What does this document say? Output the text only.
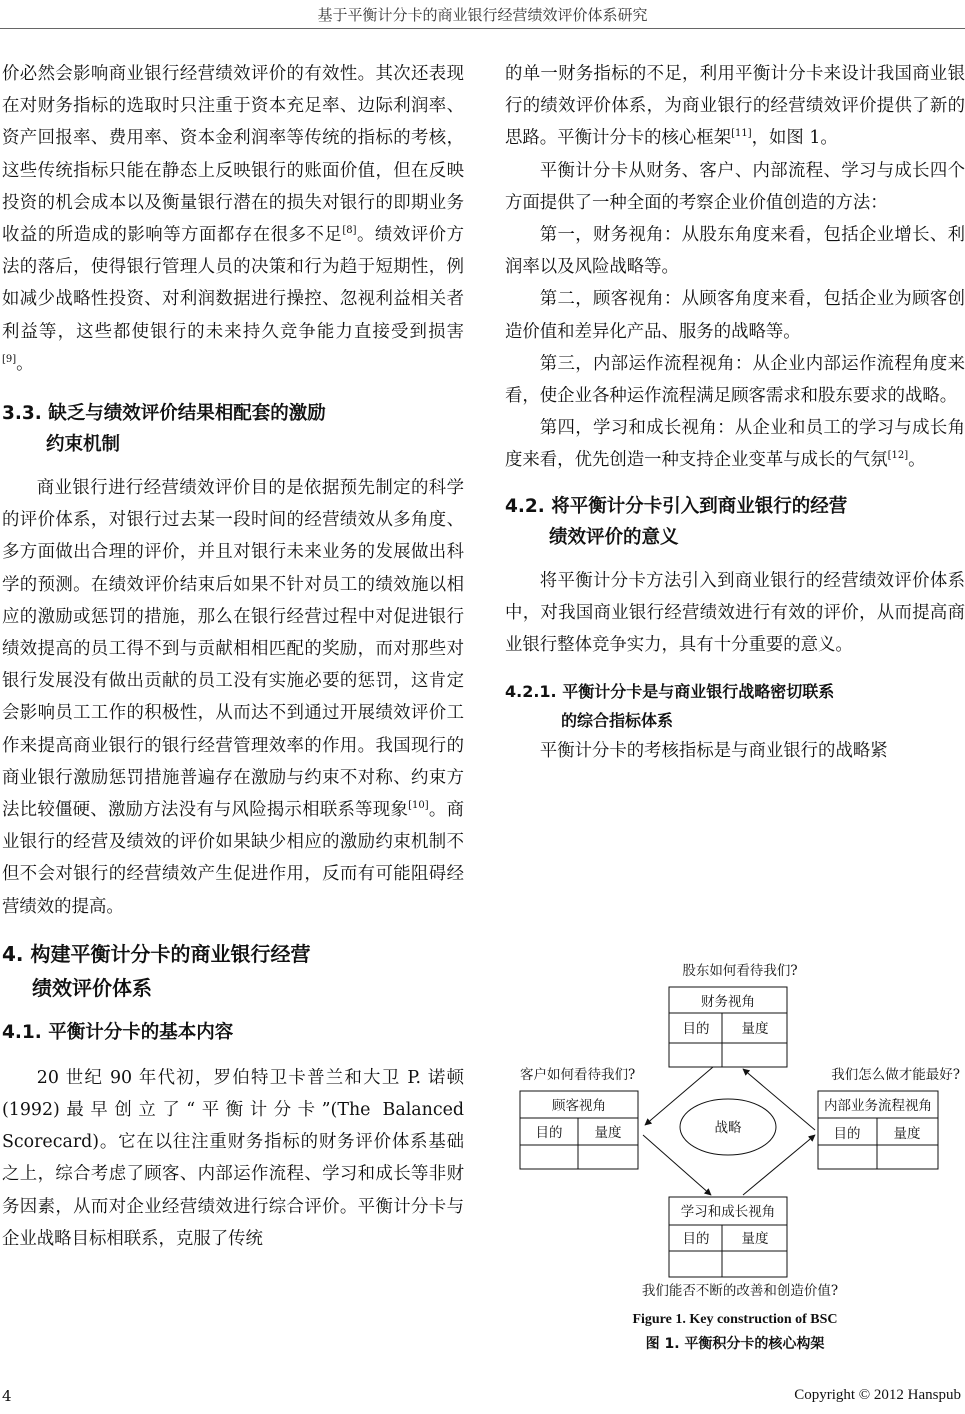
基于平衡计分卡的商业银行经营绩效评价体系研究

价必然会影响商业银行经营绩效评价的有效性。其次还表现在对财务指标的选取时只注重于资本充足率、边际利润率、资产回报率、费用率、资本金利润率等传统的指标的考核，这些传统指标只能在静态上反映银行的账面价值，但在反映投资的机会成本以及衡量银行潜在的损失对银行的即期业务收益的所造成的影响等方面都存在很多不足[8]。绩效评价方法的落后，使得银行管理人员的决策和行为趋于短期性，例如减少战略性投资、对利润数据进行操控、忽视利益相关者利益等，这些都使银行的未来持久竞争能力直接受到损害[9]。

3.3. 缺乏与绩效评价结果相配套的激励
约束机制

商业银行进行经营绩效评价目的是依据预先制定的科学的评价体系，对银行过去某一段时间的经营绩效从多角度、多方面做出合理的评价，并且对银行未来业务的发展做出科学的预测。在绩效评价结束后如果不针对员工的绩效施以相应的激励或惩罚的措施，那么在银行经营过程中对促进银行绩效提高的员工得不到与贡献相相匹配的奖励，而对那些对银行发展没有做出贡献的员工没有实施必要的惩罚，这肯定会影响员工工作的积极性，从而达不到通过开展绩效评价工作来提高商业银行的银行经营管理效率的作用。我国现行的商业银行激励惩罚措施普遍存在激励与约束不对称、约束方法比较僵硬、激励方法没有与风险揭示相联系等现象[10]。商业银行的经营及绩效的评价如果缺少相应的激励约束机制不但不会对银行的经营绩效产生促进作用，反而有可能阻碍经营绩效的提高。

4. 构建平衡计分卡的商业银行经营
绩效评价体系
4.1. 平衡计分卡的基本内容

20 世纪 90 年代初，罗伯特卫卡普兰和大卫 P. 诺顿(1992)最早创立了“平衡计分卡”(The Balanced Scorecard)。它在以往注重财务指标的财务评价体系基础之上，综合考虑了顾客、内部运作流程、学习和成长等非财务因素，从而对企业经营绩效进行综合评价。平衡计分卡与企业战略目标相联系，克服了传统

的单一财务指标的不足，利用平衡计分卡来设计我国商业银行的绩效评价体系，为商业银行的经营绩效评价提供了新的思路。平衡计分卡的核心框架[11]，如图 1。

平衡计分卡从财务、客户、内部流程、学习与成长四个方面提供了一种全面的考察企业价值创造的方法：

第一，财务视角：从股东角度来看，包括企业增长、利润率以及风险战略等。

第二，顾客视角：从顾客角度来看，包括企业为顾客创造价值和差异化产品、服务的战略等。

第三，内部运作流程视角：从企业内部运作流程角度来看，使企业各种运作流程满足顾客需求和股东要求的战略。

第四，学习和成长视角：从企业和员工的学习与成长角度来看，优先创造一种支持企业变革与成长的气氛[12]。

4.2. 将平衡计分卡引入到商业银行的经营
绩效评价的意义

将平衡计分卡方法引入到商业银行的经营绩效评价体系中，对我国商业银行经营绩效进行有效的评价，从而提高商业银行整体竞争实力，具有十分重要的意义。

4.2.1. 平衡计分卡是与商业银行战略密切联系
的综合指标体系

平衡计分卡的考核指标是与商业银行的战略紧

股东如何看待我们?
财务视角
目的 量度
客户如何看待我们?
顾客视角
目的 量度
我们怎么做才能最好?
内部业务流程视角
目的 量度
学习和成长视角
目的 量度
我们能否不断的改善和创造价值?
战略
Figure 1. Key construction of BSC
图 1. 平衡积分卡的核心构架
4	Copyright © 2012 Hanspub
